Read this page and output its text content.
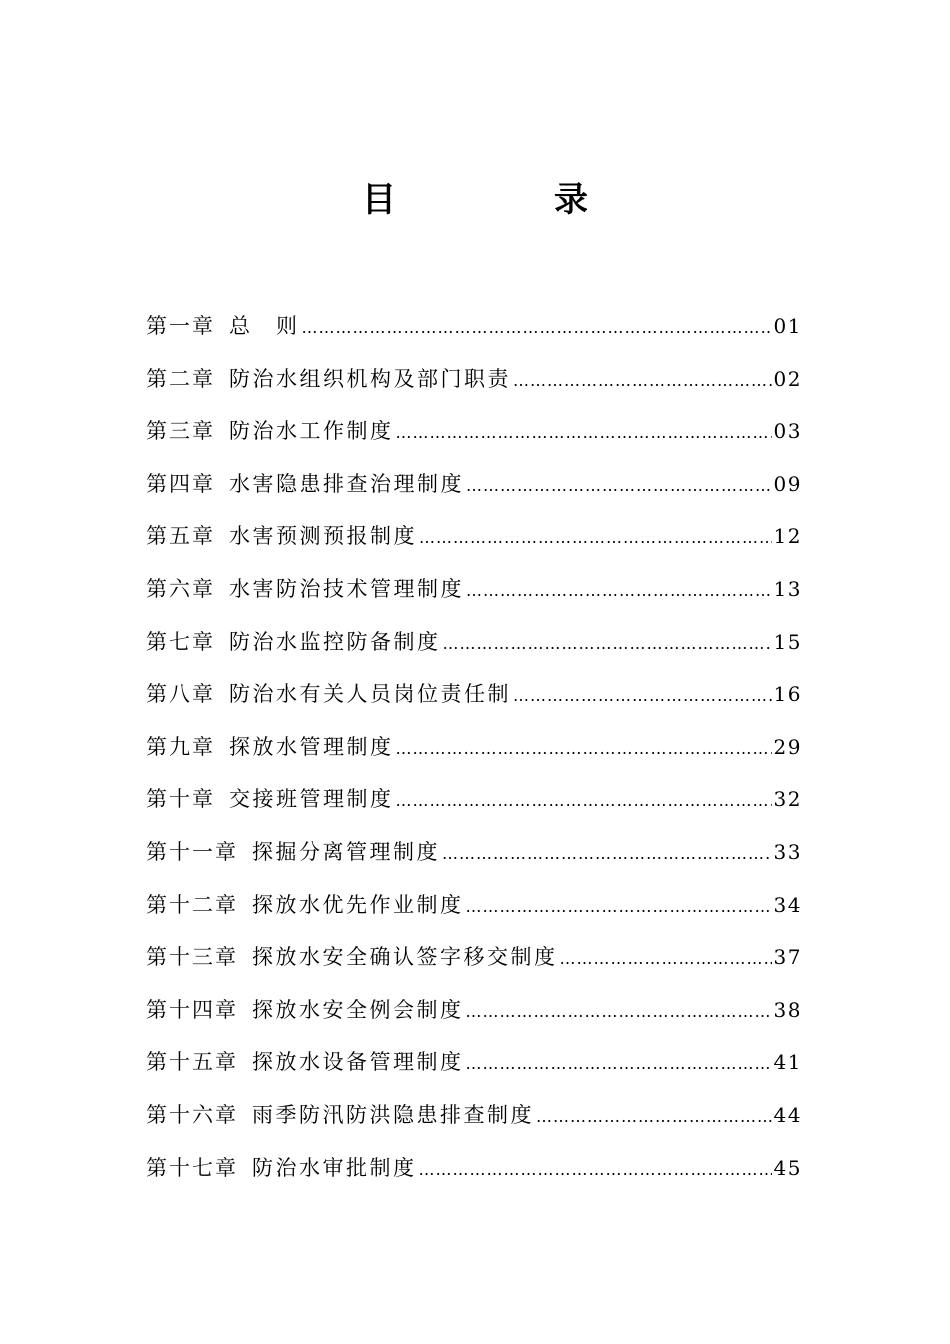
目　录
第一章 总　则 …………………………………………………………………………………………………………………………………………………………	01
第二章 防治水组织机构及部门职责 …………………………………………………………………………………………………………………………………………………………	02
第三章 防治水工作制度 …………………………………………………………………………………………………………………………………………………………	03
第四章 水害隐患排查治理制度 …………………………………………………………………………………………………………………………………………………………	09
第五章 水害预测预报制度 …………………………………………………………………………………………………………………………………………………………	12
第六章 水害防治技术管理制度 …………………………………………………………………………………………………………………………………………………………	13
第七章 防治水监控防备制度 …………………………………………………………………………………………………………………………………………………………	15
第八章 防治水有关人员岗位责任制 …………………………………………………………………………………………………………………………………………………………	16
第九章 探放水管理制度 …………………………………………………………………………………………………………………………………………………………	29
第十章 交接班管理制度 …………………………………………………………………………………………………………………………………………………………	32
第十一章 探掘分离管理制度 …………………………………………………………………………………………………………………………………………………………	33
第十二章 探放水优先作业制度 …………………………………………………………………………………………………………………………………………………………	34
第十三章 探放水安全确认签字移交制度 …………………………………………………………………………………………………………………………………………………………	37
第十四章 探放水安全例会制度 …………………………………………………………………………………………………………………………………………………………	38
第十五章 探放水设备管理制度 …………………………………………………………………………………………………………………………………………………………	41
第十六章 雨季防汛防洪隐患排查制度 …………………………………………………………………………………………………………………………………………………………	44
第十七章 防治水审批制度 …………………………………………………………………………………………………………………………………………………………	45
